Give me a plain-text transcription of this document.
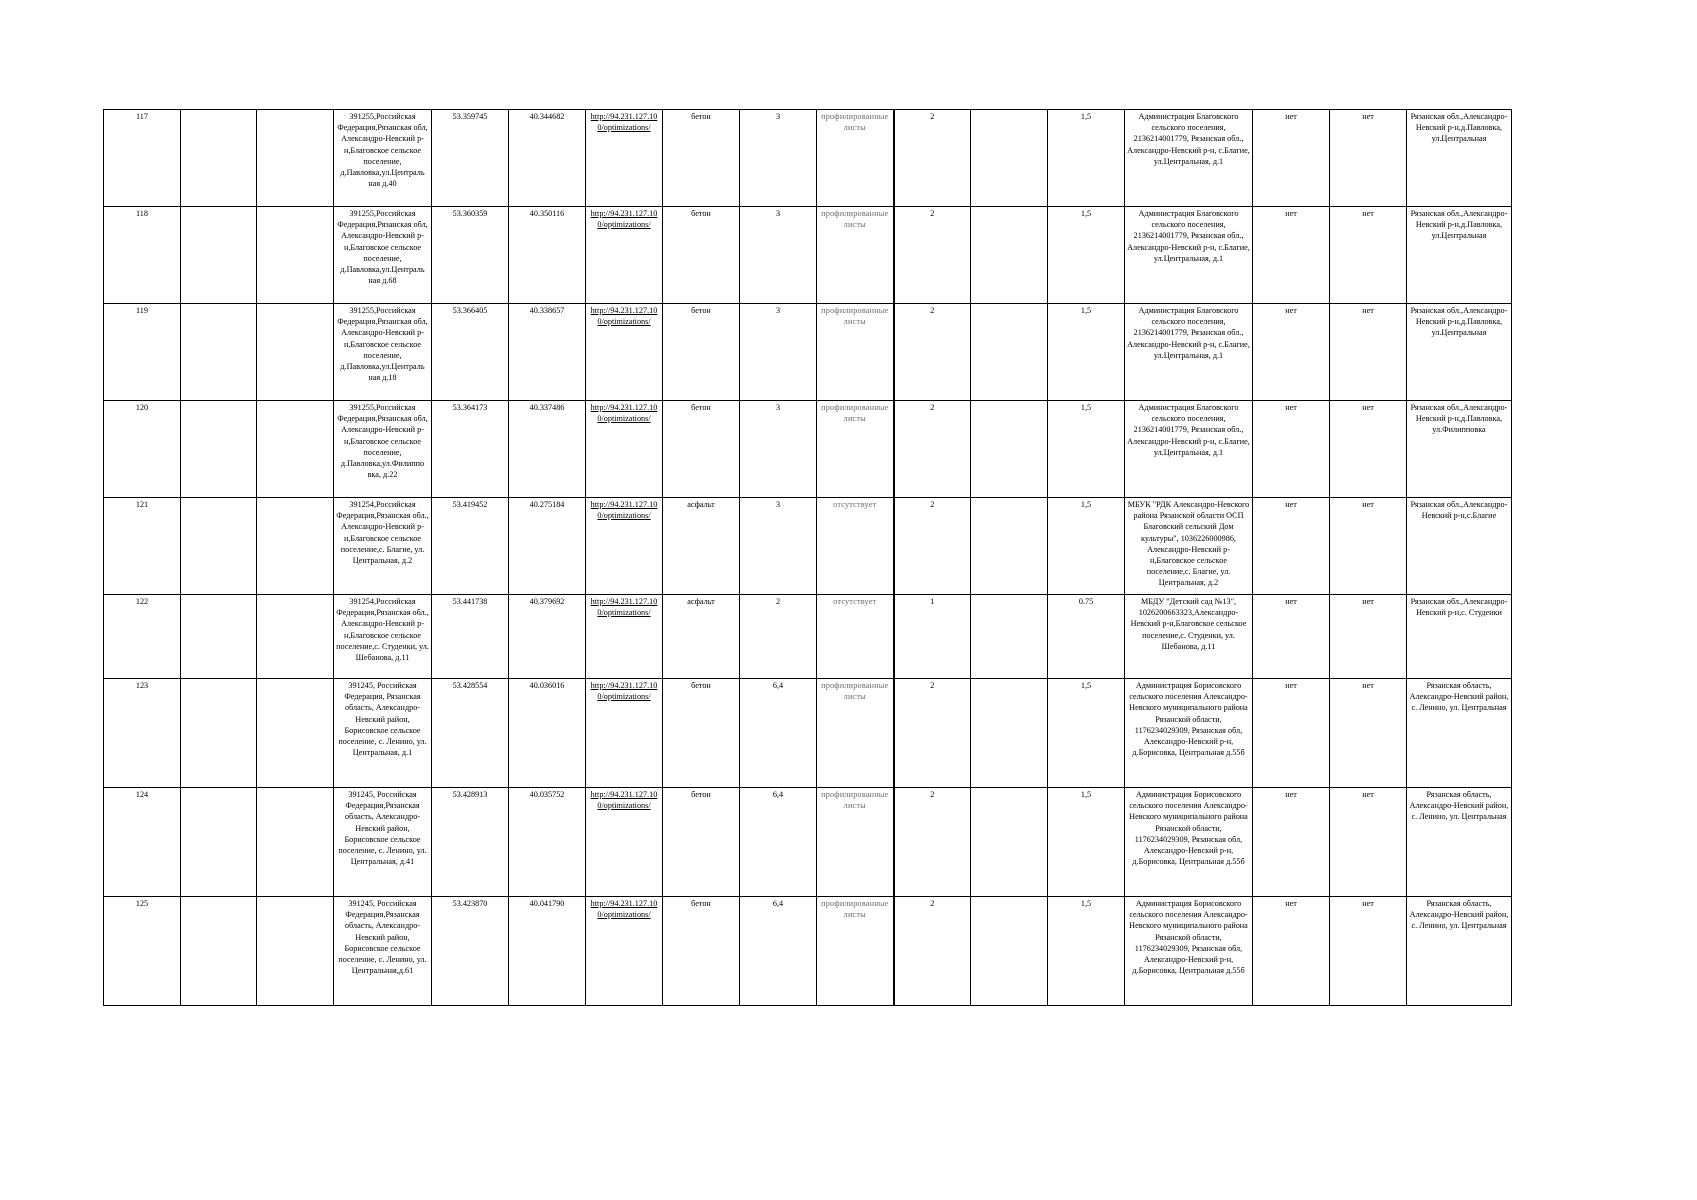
117			391255,Российская Федерация,Рязанская обл, Александро-Невский р-н,Благовское сельское поселение, д.Павловка,ул.Централь ная д.40	53.359745	40.344682	http://94.231.127.10 0/optimizations/	бетон	3	профилированные листы	2		1,5	Администрация Благовского сельского поселения, 2136214001779, Рязанская обл., Александро-Невский р-н, с.Благие, ул.Центральная, д.1	нет	нет	Рязанская обл.,Александро-Невский р-н,д.Павловка, ул.Центральная
118			391255,Российская Федерация,Рязанская обл, Александро-Невский р-н,Благовское сельское поселение, д.Павловка,ул.Централь ная д.68	53.360359	40.350116	http://94.231.127.10 0/optimizations/	бетон	3	профилированные листы	2		1,5	Администрация Благовского сельского поселения, 2136214001779, Рязанская обл., Александро-Невский р-н, с.Благие, ул.Центральная, д.1	нет	нет	Рязанская обл.,Александро-Невский р-н,д.Павловка, ул.Центральная
119			391255,Российская Федерация,Рязанская обл, Александро-Невский р-н,Благовское сельское поселение, д.Павловка,ул.Централь ная д.18	53.366405	40.338657	http://94.231.127.10 0/optimizations/	бетон	3	профилированные листы	2		1,5	Администрация Благовского сельского поселения, 2136214001779, Рязанская обл., Александро-Невский р-н, с.Благие, ул.Центральная, д.1	нет	нет	Рязанская обл.,Александро-Невский р-н,д.Павловка, ул.Центральная
120			391255,Российская Федерация,Рязанская обл, Александро-Невский р-н,Благовское сельское поселение, д.Павловка,ул.Филиппо вка, д.22	53.364173	40.337486	http://94.231.127.10 0/optimizations/	бетон	3	профилированные листы	2		1,5	Администрация Благовского сельского поселения, 2136214001779, Рязанская обл., Александро-Невский р-н, с.Благие, ул.Центральная, д.1	нет	нет	Рязанская обл.,Александро-Невский р-н,д.Павловка, ул.Филипповка
121			391254,Российская Федерация,Рязанская обл., Александро-Невский р-н,Благовское сельское поселение,с. Благие, ул. Центральная, д.2	53.419452	40.275184	http://94.231.127.10 0/optimizations/	асфальт	3	отсутствует	2		1,5	МБУК "РДК Александро-Невского района Рязанской области ОСП Благовский сельский Дом культуры", 1036226000986, Александро-Невский р-н,Благовское сельское поселение,с. Благие, ул. Центральная, д.2	нет	нет	Рязанская обл.,Александро-Невский р-н,с.Благие
122			391254,Российская Федерация,Рязанская обл., Александро-Невский р-н,Благовское сельское поселение,с. Студенки, ул. Шебанова, д.11	53.441738	40.379692	http://94.231.127.10 0/optimizations/	асфальт	2	отсутствует	1		0.75	МБДУ "Детский сад №13", 1026200663323,Александро-Невский р-н,Благовское сельское поселение,с. Студенки, ул. Шебанова, д.11	нет	нет	Рязанская обл.,Александро-Невский р-н,с. Студенки
123			391245, Российская Федерация, Рязанская область, Александро-Невский район, Борисовское сельское поселение, с. Ленино, ул. Центральная, д.1	53.428554	40.036016	http://94.231.127.10 0/optimizations/	бетон	6,4	профилированные листы	2		1,5	Администрация Борисовского сельского поселения Александро-Невского муниципального района Рязанской области, 1176234029309, Рязанская обл, Александро-Невский р-н, д.Борисовка, Центральная д.55б	нет	нет	Рязанская область, Александро-Невский район, с. Ленино, ул. Центральная
124			391245, Российская Федерация,Рязанская область, Александро-Невский район, Борисовское сельское поселение, с. Ленино, ул. Центральная, д.41	53.428913	40.035752	http://94.231.127.10 0/optimizations/	бетон	6,4	профилированные листы	2		1,5	Администрация Борисовского сельского поселения Александро-Невского муниципального района Рязанской области, 1176234029309, Рязанская обл, Александро-Невский р-н, д.Борисовка, Центральная д.55б	нет	нет	Рязанская область, Александро-Невский район, с. Ленино, ул. Центральная
125			391245, Российская Федерация,Рязанская область, Александро-Невский район, Борисовское сельское поселение, с. Ленино, ул. Центральная,д.61	53.423870	40.041790	http://94.231.127.10 0/optimizations/	бетон	6,4	профилированные листы	2		1,5	Администрация Борисовского сельского поселения Александро-Невского муниципального района Рязанской области, 1176234029309, Рязанская обл, Александро-Невский р-н, д.Борисовка, Центральная д.55б	нет	нет	Рязанская область, Александро-Невский район, с. Ленино, ул. Центральная
